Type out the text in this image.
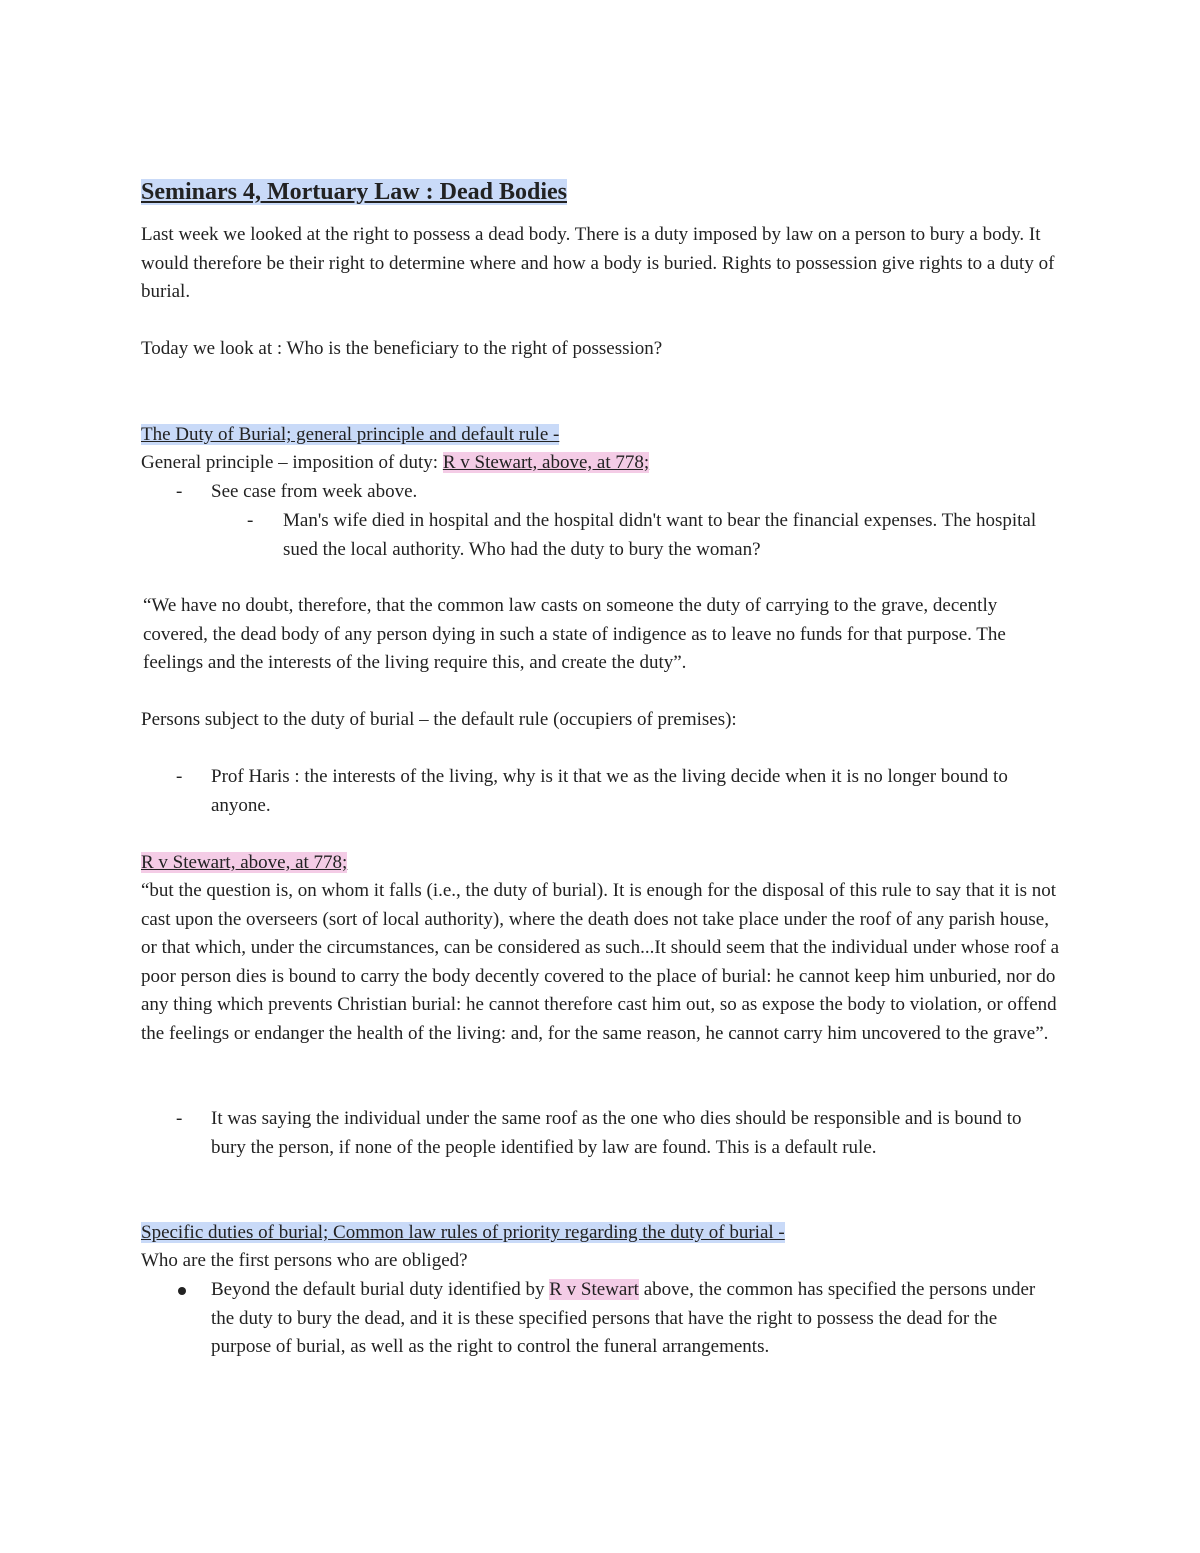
Seminars 4, Mortuary Law : Dead Bodies

Last week we looked at the right to possess a dead body. There is a duty imposed by law on a person to bury a body. It would therefore be their right to determine where and how a body is buried. Rights to possession give rights to a duty of burial.

Today we look at : Who is the beneficiary to the right of possession?

The Duty of Burial; general principle and default rule -

General principle – imposition of duty: R v Stewart, above, at 778;

- See case from week above.

- Man's wife died in hospital and the hospital didn't want to bear the financial expenses. The hospital sued the local authority. Who had the duty to bury the woman?

“We have no doubt, therefore, that the common law casts on someone the duty of carrying to the grave, decently covered, the dead body of any person dying in such a state of indigence as to leave no funds for that purpose. The feelings and the interests of the living require this, and create the duty”.

Persons subject to the duty of burial – the default rule (occupiers of premises):

- Prof Haris : the interests of the living, why is it that we as the living decide when it is no longer bound to anyone.

R v Stewart, above, at 778;

“but the question is, on whom it falls (i.e., the duty of burial). It is enough for the disposal of this rule to say that it is not cast upon the overseers (sort of local authority), where the death does not take place under the roof of any parish house, or that which, under the circumstances, can be considered as such...It should seem that the individual under whose roof a poor person dies is bound to carry the body decently covered to the place of burial: he cannot keep him unburied, nor do any thing which prevents Christian burial: he cannot therefore cast him out, so as expose the body to violation, or offend the feelings or endanger the health of the living: and, for the same reason, he cannot carry him uncovered to the grave”.

- It was saying the individual under the same roof as the one who dies should be responsible and is bound to bury the person, if none of the people identified by law are found. This is a default rule.

Specific duties of burial; Common law rules of priority regarding the duty of burial -

Who are the first persons who are obliged?

Beyond the default burial duty identified by R v Stewart above, the common has specified the persons under the duty to bury the dead, and it is these specified persons that have the right to possess the dead for the purpose of burial, as well as the right to control the funeral arrangements.
